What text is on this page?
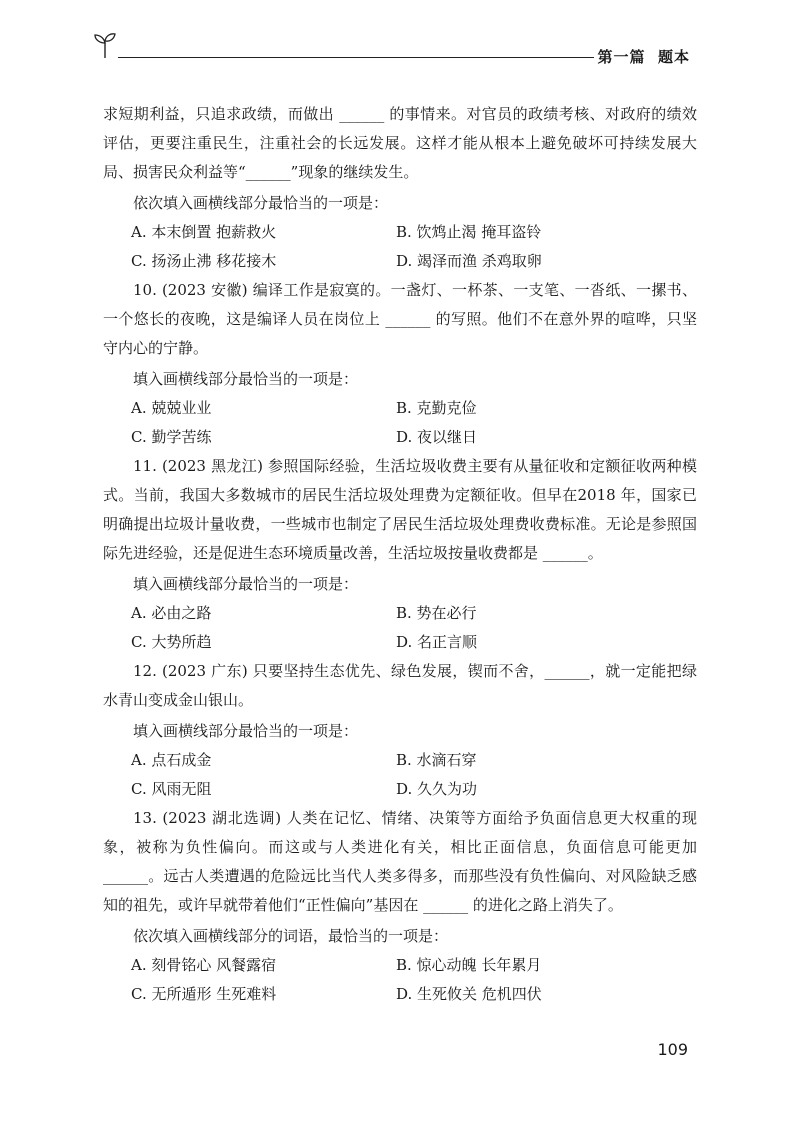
第一篇  题本

求短期利益，只追求政绩，而做出 ______ 的事情来。对官员的政绩考核、对政府的绩效评估，更要注重民生，注重社会的长远发展。这样才能从根本上避免破坏可持续发展大局、损害民众利益等“______”现象的继续发生。

依次填入画横线部分最恰当的一项是：

A. 本末倒置 抱薪救火	B. 饮鸩止渴 掩耳盗铃
C. 扬汤止沸 移花接木	D. 竭泽而渔 杀鸡取卵

10. (2023 安徽) 编译工作是寂寞的。一盏灯、一杯茶、一支笔、一沓纸、一摞书、一个悠长的夜晚，这是编译人员在岗位上 ______ 的写照。他们不在意外界的喧哗，只坚守内心的宁静。

填入画横线部分最恰当的一项是：

A. 兢兢业业	B. 克勤克俭
C. 勤学苦练	D. 夜以继日

11. (2023 黑龙江) 参照国际经验，生活垃圾收费主要有从量征收和定额征收两种模式。当前，我国大多数城市的居民生活垃圾处理费为定额征收。但早在2018 年，国家已明确提出垃圾计量收费，一些城市也制定了居民生活垃圾处理费收费标准。无论是参照国际先进经验，还是促进生态环境质量改善，生活垃圾按量收费都是 ______。

填入画横线部分最恰当的一项是：

A. 必由之路	B. 势在必行
C. 大势所趋	D. 名正言顺

12. (2023 广东) 只要坚持生态优先、绿色发展，锲而不舍，______，就一定能把绿水青山变成金山银山。

填入画横线部分最恰当的一项是：

A. 点石成金	B. 水滴石穿
C. 风雨无阻	D. 久久为功

13. (2023 湖北选调) 人类在记忆、情绪、决策等方面给予负面信息更大权重的现象，被称为负性偏向。而这或与人类进化有关，相比正面信息，负面信息可能更加 ______。远古人类遭遇的危险远比当代人类多得多，而那些没有负性偏向、对风险缺乏感知的祖先，或许早就带着他们“正性偏向”基因在 ______ 的进化之路上消失了。

依次填入画横线部分的词语，最恰当的一项是：

A. 刻骨铭心 风餐露宿	B. 惊心动魄 长年累月
C. 无所遁形 生死难料	D. 生死攸关 危机四伏
109
